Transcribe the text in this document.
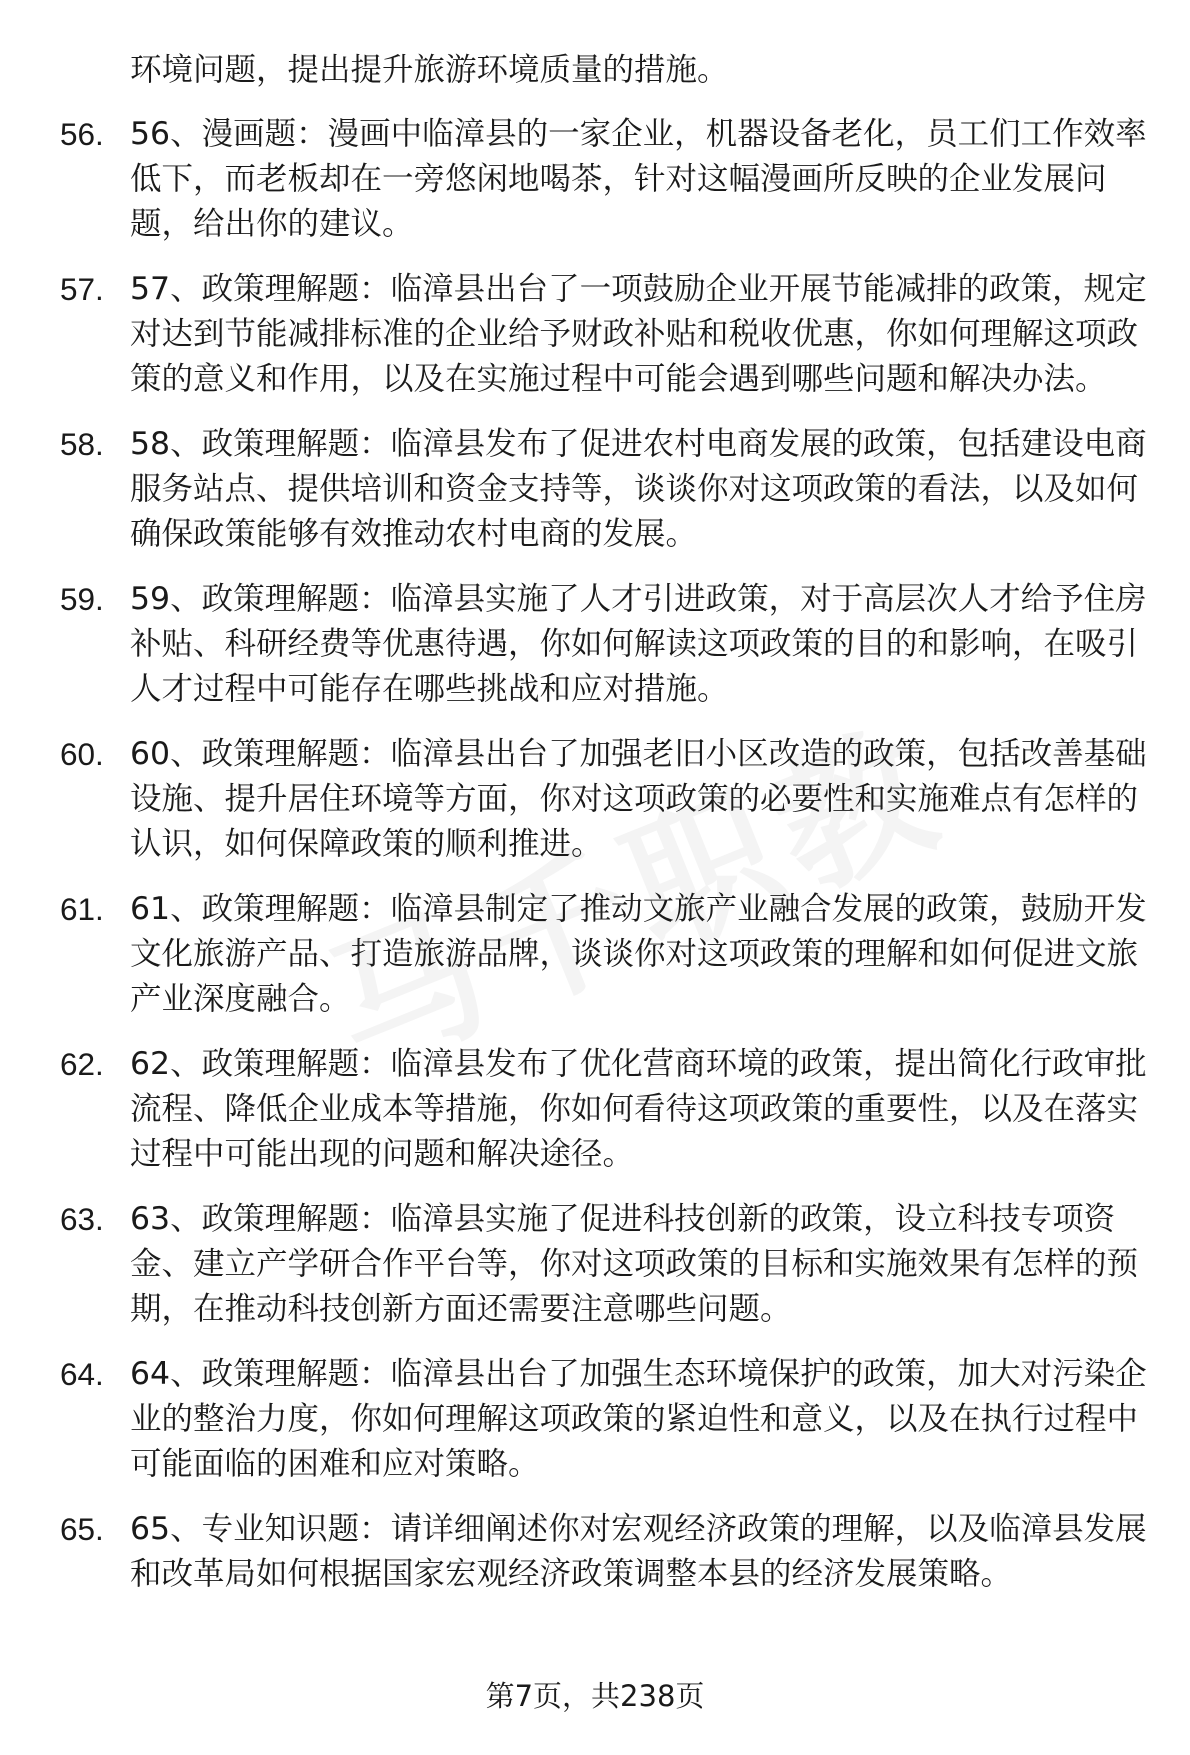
环境问题，提出提升旅游环境质量的措施。
56. 56、漫画题：漫画中临漳县的一家企业，机器设备老化，员工们工作效率低下，而老板却在一旁悠闲地喝茶，针对这幅漫画所反映的企业发展问题，给出你的建议。
57. 57、政策理解题：临漳县出台了一项鼓励企业开展节能减排的政策，规定对达到节能减排标准的企业给予财政补贴和税收优惠，你如何理解这项政策的意义和作用，以及在实施过程中可能会遇到哪些问题和解决办法。
58. 58、政策理解题：临漳县发布了促进农村电商发展的政策，包括建设电商服务站点、提供培训和资金支持等，谈谈你对这项政策的看法，以及如何确保政策能够有效推动农村电商的发展。
59. 59、政策理解题：临漳县实施了人才引进政策，对于高层次人才给予住房补贴、科研经费等优惠待遇，你如何解读这项政策的目的和影响，在吸引人才过程中可能存在哪些挑战和应对措施。
60. 60、政策理解题：临漳县出台了加强老旧小区改造的政策，包括改善基础设施、提升居住环境等方面，你对这项政策的必要性和实施难点有怎样的认识，如何保障政策的顺利推进。
61. 61、政策理解题：临漳县制定了推动文旅产业融合发展的政策，鼓励开发文化旅游产品、打造旅游品牌，谈谈你对这项政策的理解和如何促进文旅产业深度融合。
62. 62、政策理解题：临漳县发布了优化营商环境的政策，提出简化行政审批流程、降低企业成本等措施，你如何看待这项政策的重要性，以及在落实过程中可能出现的问题和解决途径。
63. 63、政策理解题：临漳县实施了促进科技创新的政策，设立科技专项资金、建立产学研合作平台等，你对这项政策的目标和实施效果有怎样的预期，在推动科技创新方面还需要注意哪些问题。
64. 64、政策理解题：临漳县出台了加强生态环境保护的政策，加大对污染企业的整治力度，你如何理解这项政策的紧迫性和意义，以及在执行过程中可能面临的困难和应对策略。
65. 65、专业知识题：请详细阐述你对宏观经济政策的理解，以及临漳县发展和改革局如何根据国家宏观经济政策调整本县的经济发展策略。
第7页，共238页
